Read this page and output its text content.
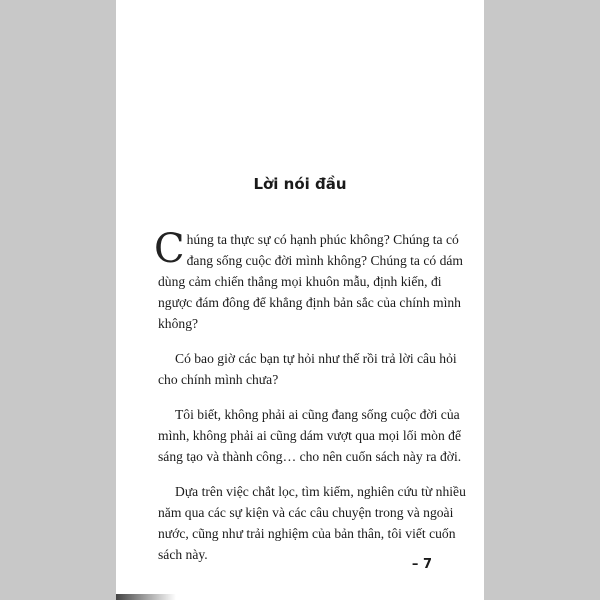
Lời nói đầu

Chúng ta thực sự có hạnh phúc không? Chúng ta có đang sống cuộc đời mình không? Chúng ta có dám dùng cảm chiến thắng mọi khuôn mẫu, định kiến, đi ngược đám đông để khẳng định bản sắc của chính mình không?

Có bao giờ các bạn tự hỏi như thế rồi trả lời câu hỏi cho chính mình chưa?

Tôi biết, không phải ai cũng đang sống cuộc đời của mình, không phải ai cũng dám vượt qua mọi lối mòn để sáng tạo và thành công… cho nên cuốn sách này ra đời.

Dựa trên việc chắt lọc, tìm kiếm, nghiên cứu từ nhiều năm qua các sự kiện và các câu chuyện trong và ngoài nước, cũng như trải nghiệm của bản thân, tôi viết cuốn sách này.

– 7
